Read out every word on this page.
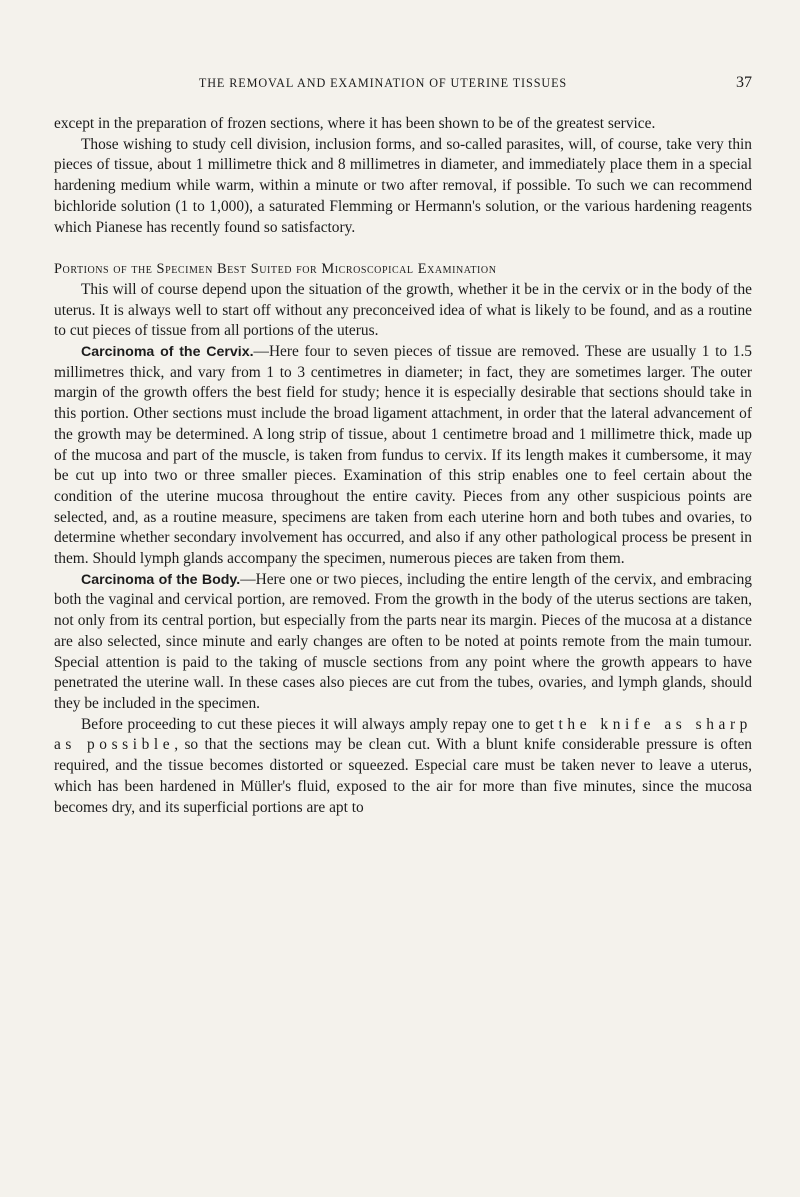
THE REMOVAL AND EXAMINATION OF UTERINE TISSUES	37

except in the preparation of frozen sections, where it has been shown to be of the greatest service.

Those wishing to study cell division, inclusion forms, and so-called parasites, will, of course, take very thin pieces of tissue, about 1 millimetre thick and 8 millimetres in diameter, and immediately place them in a special hardening medium while warm, within a minute or two after removal, if possible. To such we can recommend bichloride solution (1 to 1,000), a saturated Flemming or Hermann's solution, or the various hardening reagents which Pianese has recently found so satisfactory.

Portions of the Specimen Best Suited for Microscopical Examination

This will of course depend upon the situation of the growth, whether it be in the cervix or in the body of the uterus. It is always well to start off without any preconceived idea of what is likely to be found, and as a routine to cut pieces of tissue from all portions of the uterus.

Carcinoma of the Cervix.—Here four to seven pieces of tissue are removed. These are usually 1 to 1.5 millimetres thick, and vary from 1 to 3 centimetres in diameter; in fact, they are sometimes larger. The outer margin of the growth offers the best field for study; hence it is especially desirable that sections should take in this portion. Other sections must include the broad ligament attachment, in order that the lateral advancement of the growth may be determined. A long strip of tissue, about 1 centimetre broad and 1 millimetre thick, made up of the mucosa and part of the muscle, is taken from fundus to cervix. If its length makes it cumbersome, it may be cut up into two or three smaller pieces. Examination of this strip enables one to feel certain about the condition of the uterine mucosa throughout the entire cavity. Pieces from any other suspicious points are selected, and, as a routine measure, specimens are taken from each uterine horn and both tubes and ovaries, to determine whether secondary involvement has occurred, and also if any other pathological process be present in them. Should lymph glands accompany the specimen, numerous pieces are taken from them.

Carcinoma of the Body.—Here one or two pieces, including the entire length of the cervix, and embracing both the vaginal and cervical portion, are removed. From the growth in the body of the uterus sections are taken, not only from its central portion, but especially from the parts near its margin. Pieces of the mucosa at a distance are also selected, since minute and early changes are often to be noted at points remote from the main tumour. Special attention is paid to the taking of muscle sections from any point where the growth appears to have penetrated the uterine wall. In these cases also pieces are cut from the tubes, ovaries, and lymph glands, should they be included in the specimen.

Before proceeding to cut these pieces it will always amply repay one to get the knife as sharp as possible, so that the sections may be clean cut. With a blunt knife considerable pressure is often required, and the tissue becomes distorted or squeezed. Especial care must be taken never to leave a uterus, which has been hardened in Müller's fluid, exposed to the air for more than five minutes, since the mucosa becomes dry, and its superficial portions are apt to
